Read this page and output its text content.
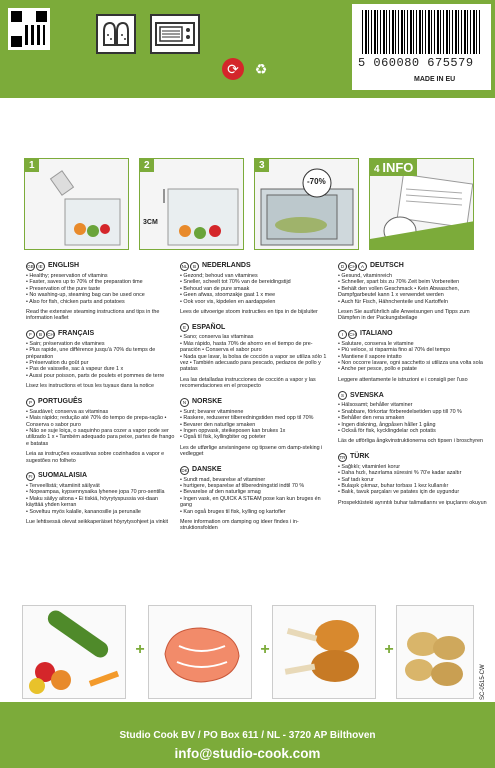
⟳	♻	5 060080 675579
MADE IN EU
1	2
3CM
3
-70%
4 INFO
GB	IE ENGLISH
• Healthy; preservation of vitamins
• Faster, saves up to 70% of the preparation time
• Preservation of the pure taste
• No washing-up, steaming bag can be used once
• Also for fish, chicken parts and potatoes
Read the extensive steaming instructions and tips in the information leaflet
F	B	CH FRANÇAIS
• Sain; préservation de vitamines
• Plus rapide, une différence jusqu'à 70% du temps de préparation
• Préservation du goût pur
• Pas de vaisselle, sac à vapeur dure 1 x
• Aussi pour poisson, parts de poulets et pommes de terre
Lisez les instructions et tous les tuyaux dans la notice
P PORTUGUÊS
• Saudável; conserva as vitaminas
• Mais rápido; redução até 70% do tempo de prepa-ração • Conserva o sabor puro
• Não se suje loiça, o saquinho para cozer a vapor pode ser utilizado 1 x • Também adequado para peixe, partes de frango e batatas
Leia as instruções exaustivas sobre cozinhados a vapor e sugestões no folheto
FI SUOMALAISIA
• Terveellistä; vitamiinit säilyvät
• Nopeampaa, kypsennysaika lyhenee jopa 70 pro-sentilla
• Maku säilyy aitona • Ei tiskiä, höyrytyspussia voi-daan käyttää yhden kerran
• Soveltuu myös kalalle, kananosille ja perunalle
Lue lehtisessä olevat seikkaperäiset höyrytysohjeet ja vinkit
NL	B NEDERLANDS
• Gezond; behoud van vitamines
• Sneller, scheelt tot 70% van de bereidingstijd
• Behoud van de pure smaak
• Geen afwas, stoomzakje gaat 1 x mee
• Ook voor vis, kipdelen en aardappelen
Lees de uitvoerige stoom instructies en tips in de bijsluiter
E ESPAÑOL
• Sano; conserva las vitaminas
• Más rápido, hasta 70% de ahorro en el tiempo de pre-paración • Conserva el sabor puro
• Nada que lavar, la bolsa de cocción a vapor se utiliza sólo 1 vez • También adecuado para pescado, pedazos de pollo y patatas
Lea las detalladas instrucciones de cocción a vapor y las recomendaciones en el prospecto
N NORSKE
• Sunt; bevarer vitaminene
• Raskere, reduserer tilberedningstiden med opp til 70%
• Bevarer den naturlige smaken
• Ingen oppvask, steikeposen kan brukes 1x
• Også til fisk, kyllingbiter og poteter
Les de utførlige anvisningene og tipsene om damp-steking i vedlegget
DK DANSKE
• Sundt mad, bevarelse af vitaminer
• hurtigere, besparelse af tilberedningstid indtil 70 %
• Bevarelse af den naturlige smag
• Ingen vask, en QUICK A STEAM pose kan kun bruges én gang
• Kan også bruges til fisk, kylling og kartofler
Mere information om damping og ideer findes i in-struktionsfolden
D	CH	A DEUTSCH
• Gesund, vitaminreich
• Schneller, spart bis zu 70% Zeit beim Vorbereiten
• Behält den vollen Geschmack • Kein Abwaschen, Dampfgarbeutel kann 1 x verwendet werden
• Auch für Fisch, Hähnchenteile und Kartoffeln
Lesen Sie ausführlich alle Anweisungen und Tipps zum Dämpfen in der Packungsbeilage
I	CH ITALIANO
• Salutare, conserva le vitamine
• Più veloce, si risparmia fino al 70% del tempo
• Mantiene il sapore intatto
• Non occorre lavare, ogni sacchetto si utilizza una volta sola
• Anche per pesce, pollo e patate
Leggere attentamente le istruzioni e i consigli per l'uso
S SVENSKA
• Hälsosamt; behåller vitaminer
• Snabbare, förkortar förberedelsetiden upp till 70 %
• Behåller den rena smaken
• Ingen diskning, ångpåsen håller 1 gång
• Också för fisk, kycklingdelar och potatis
Läs de utförliga ångkvinstruktionerna och tipsen i broschyren
TR TÜRK
• Sağlıklı; vitaminleri korur
• Daha hızlı, hazırlama süresini % 70'e kadar azaltır
• Saf tadı korur
• Bulaşık çıkmaz, buhar torbası 1 kez kullanılır
• Balık, tavuk parçaları ve patates için de uygundur
Prospektüsteki ayrıntılı buhar talimatlarını ve ipuçlarını okuyun
+	+	+
SC-0515-CW
Studio Cook BV / PO Box 611 / NL - 3720 AP Bilthoven
info@studio-cook.com
